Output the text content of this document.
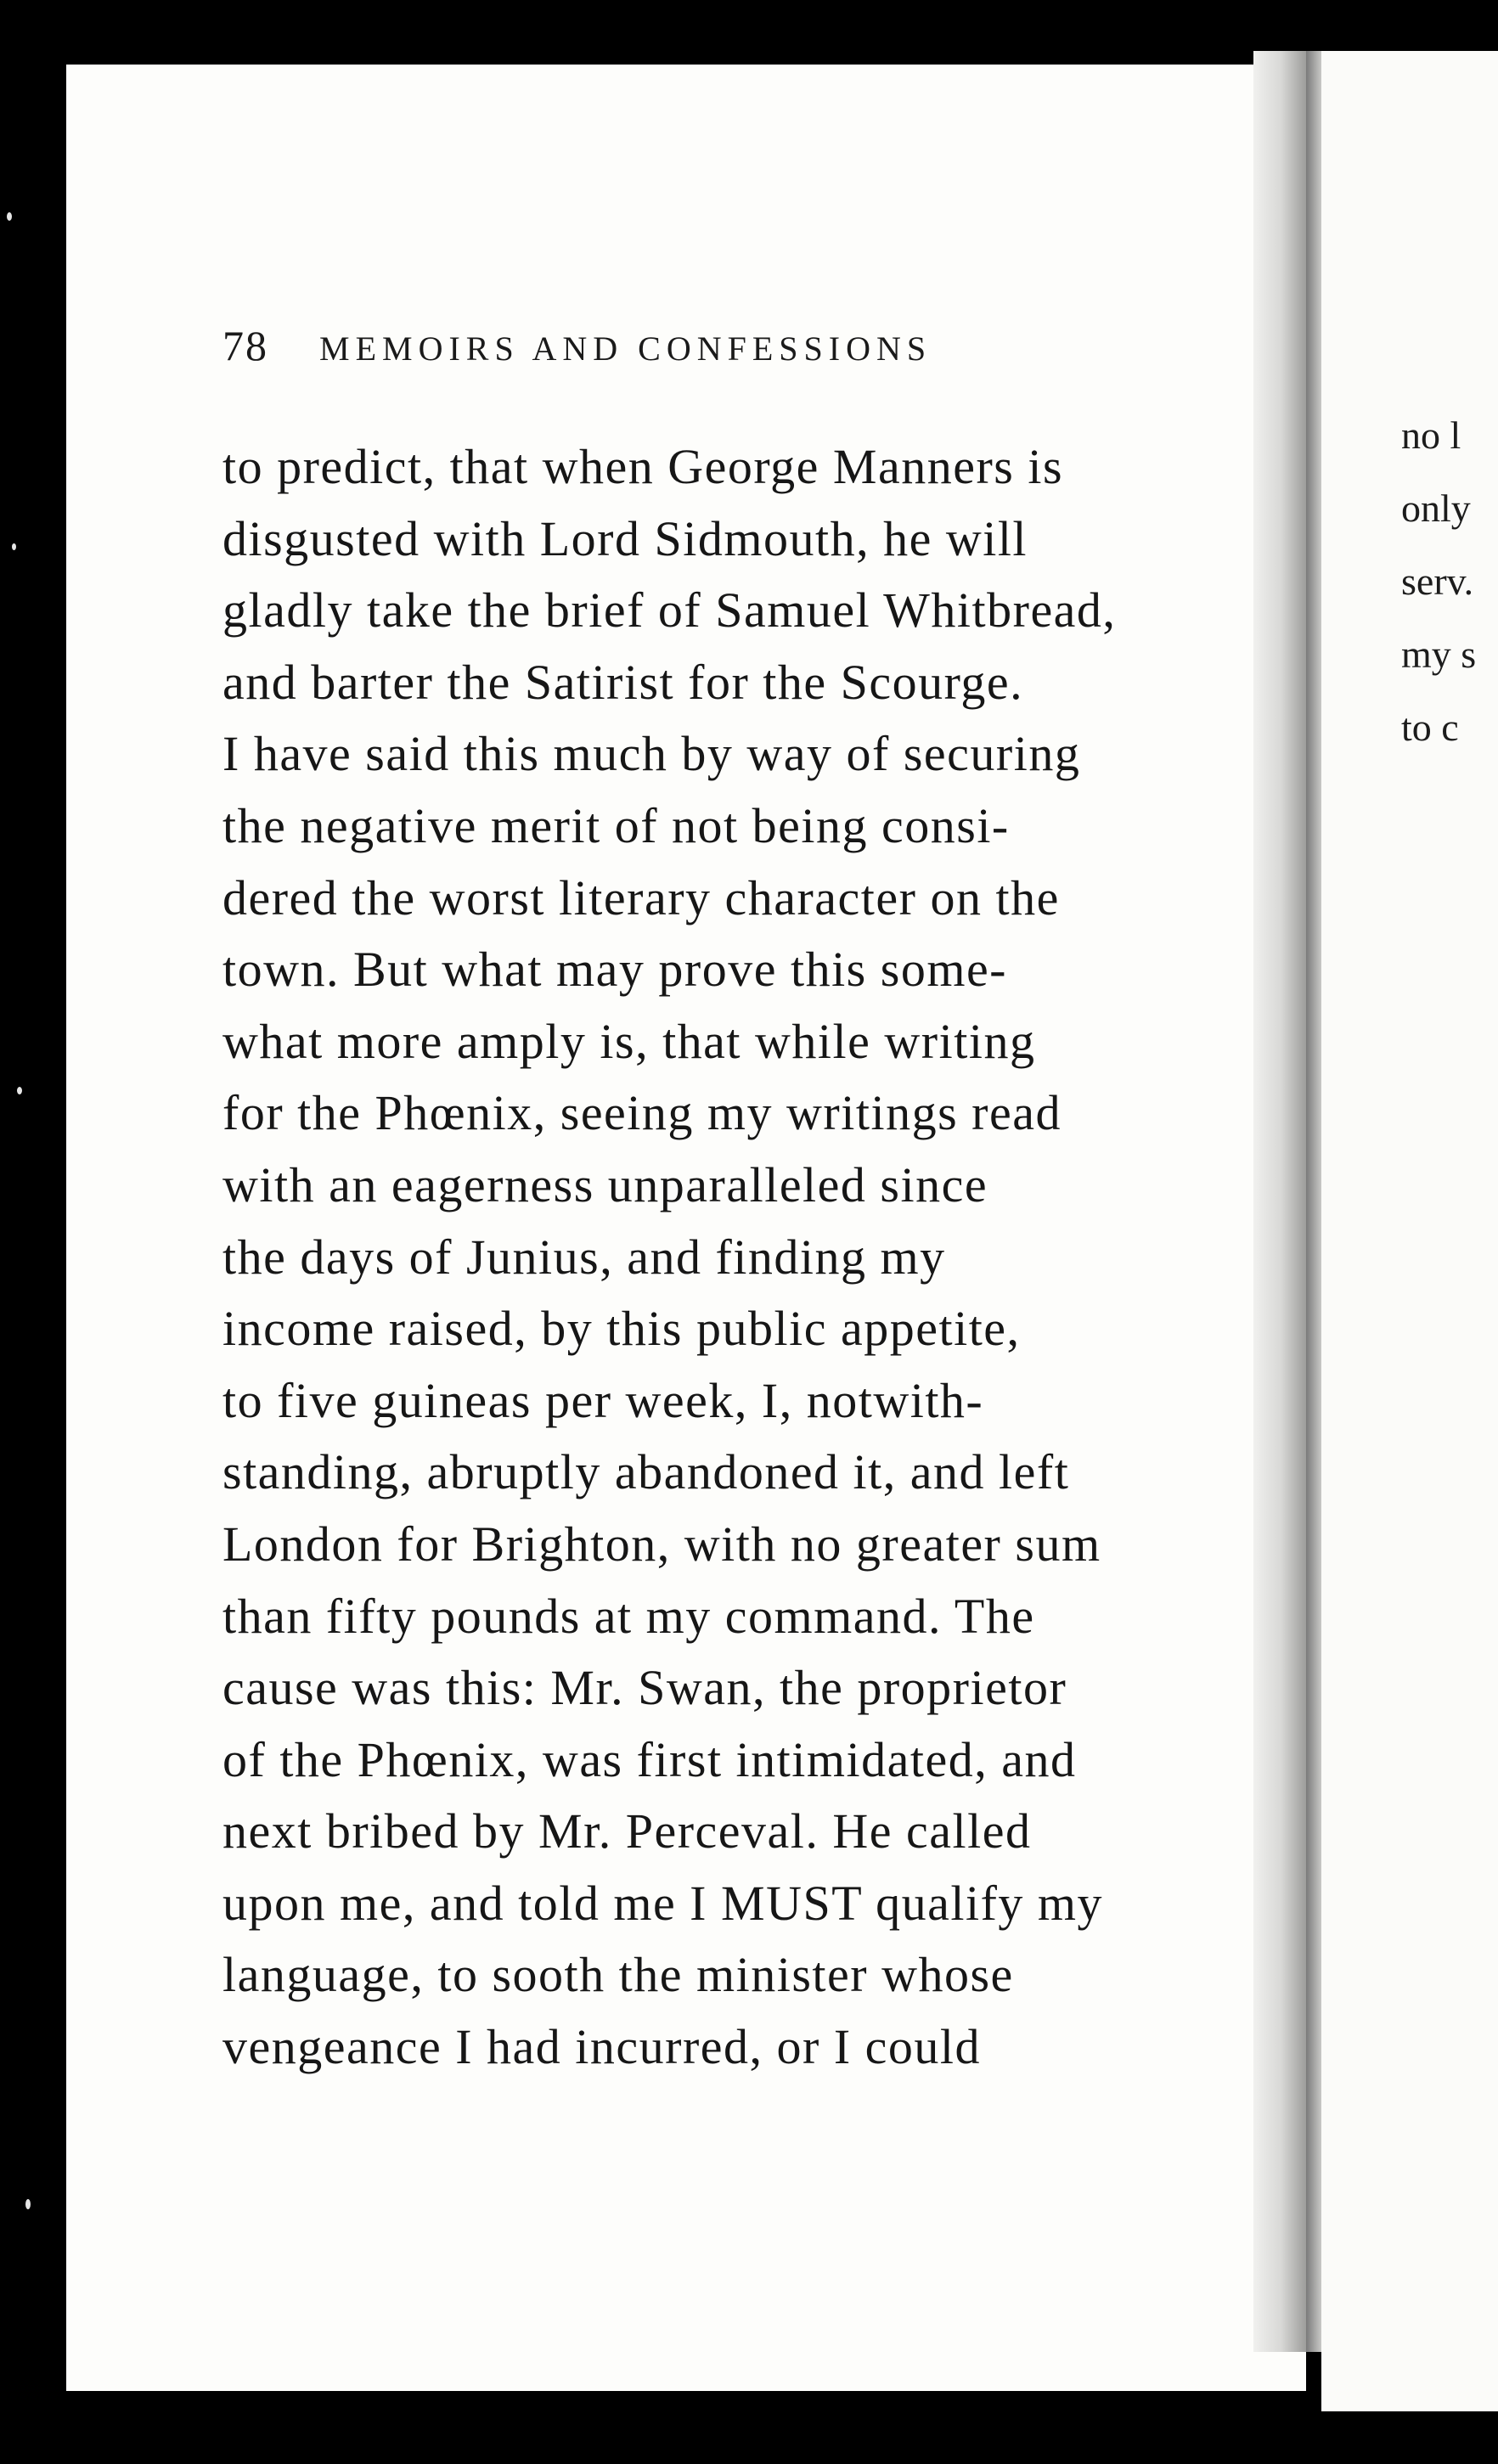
78 MEMOIRS AND CONFESSIONS
to predict, that when George Manners is
disgusted with Lord Sidmouth, he will
gladly take the brief of Samuel Whitbread,
and barter the Satirist for the Scourge.
I have said this much by way of securing
the negative merit of not being consi-
dered the worst literary character on the
town. But what may prove this some-
what more amply is, that while writing
for the Phœnix, seeing my writings read
with an eagerness unparalleled since
the days of Junius, and finding my
income raised, by this public appetite,
to five guineas per week, I, notwith-
standing, abruptly abandoned it, and left
London for Brighton, with no greater sum
than fifty pounds at my command. The
cause was this: Mr. Swan, the proprietor
of the Phœnix, was first intimidated, and
next bribed by Mr. Perceval. He called
upon me, and told me I MUST qualify my
language, to sooth the minister whose
vengeance I had incurred, or I could
no l
only
serv.
my s
to c
